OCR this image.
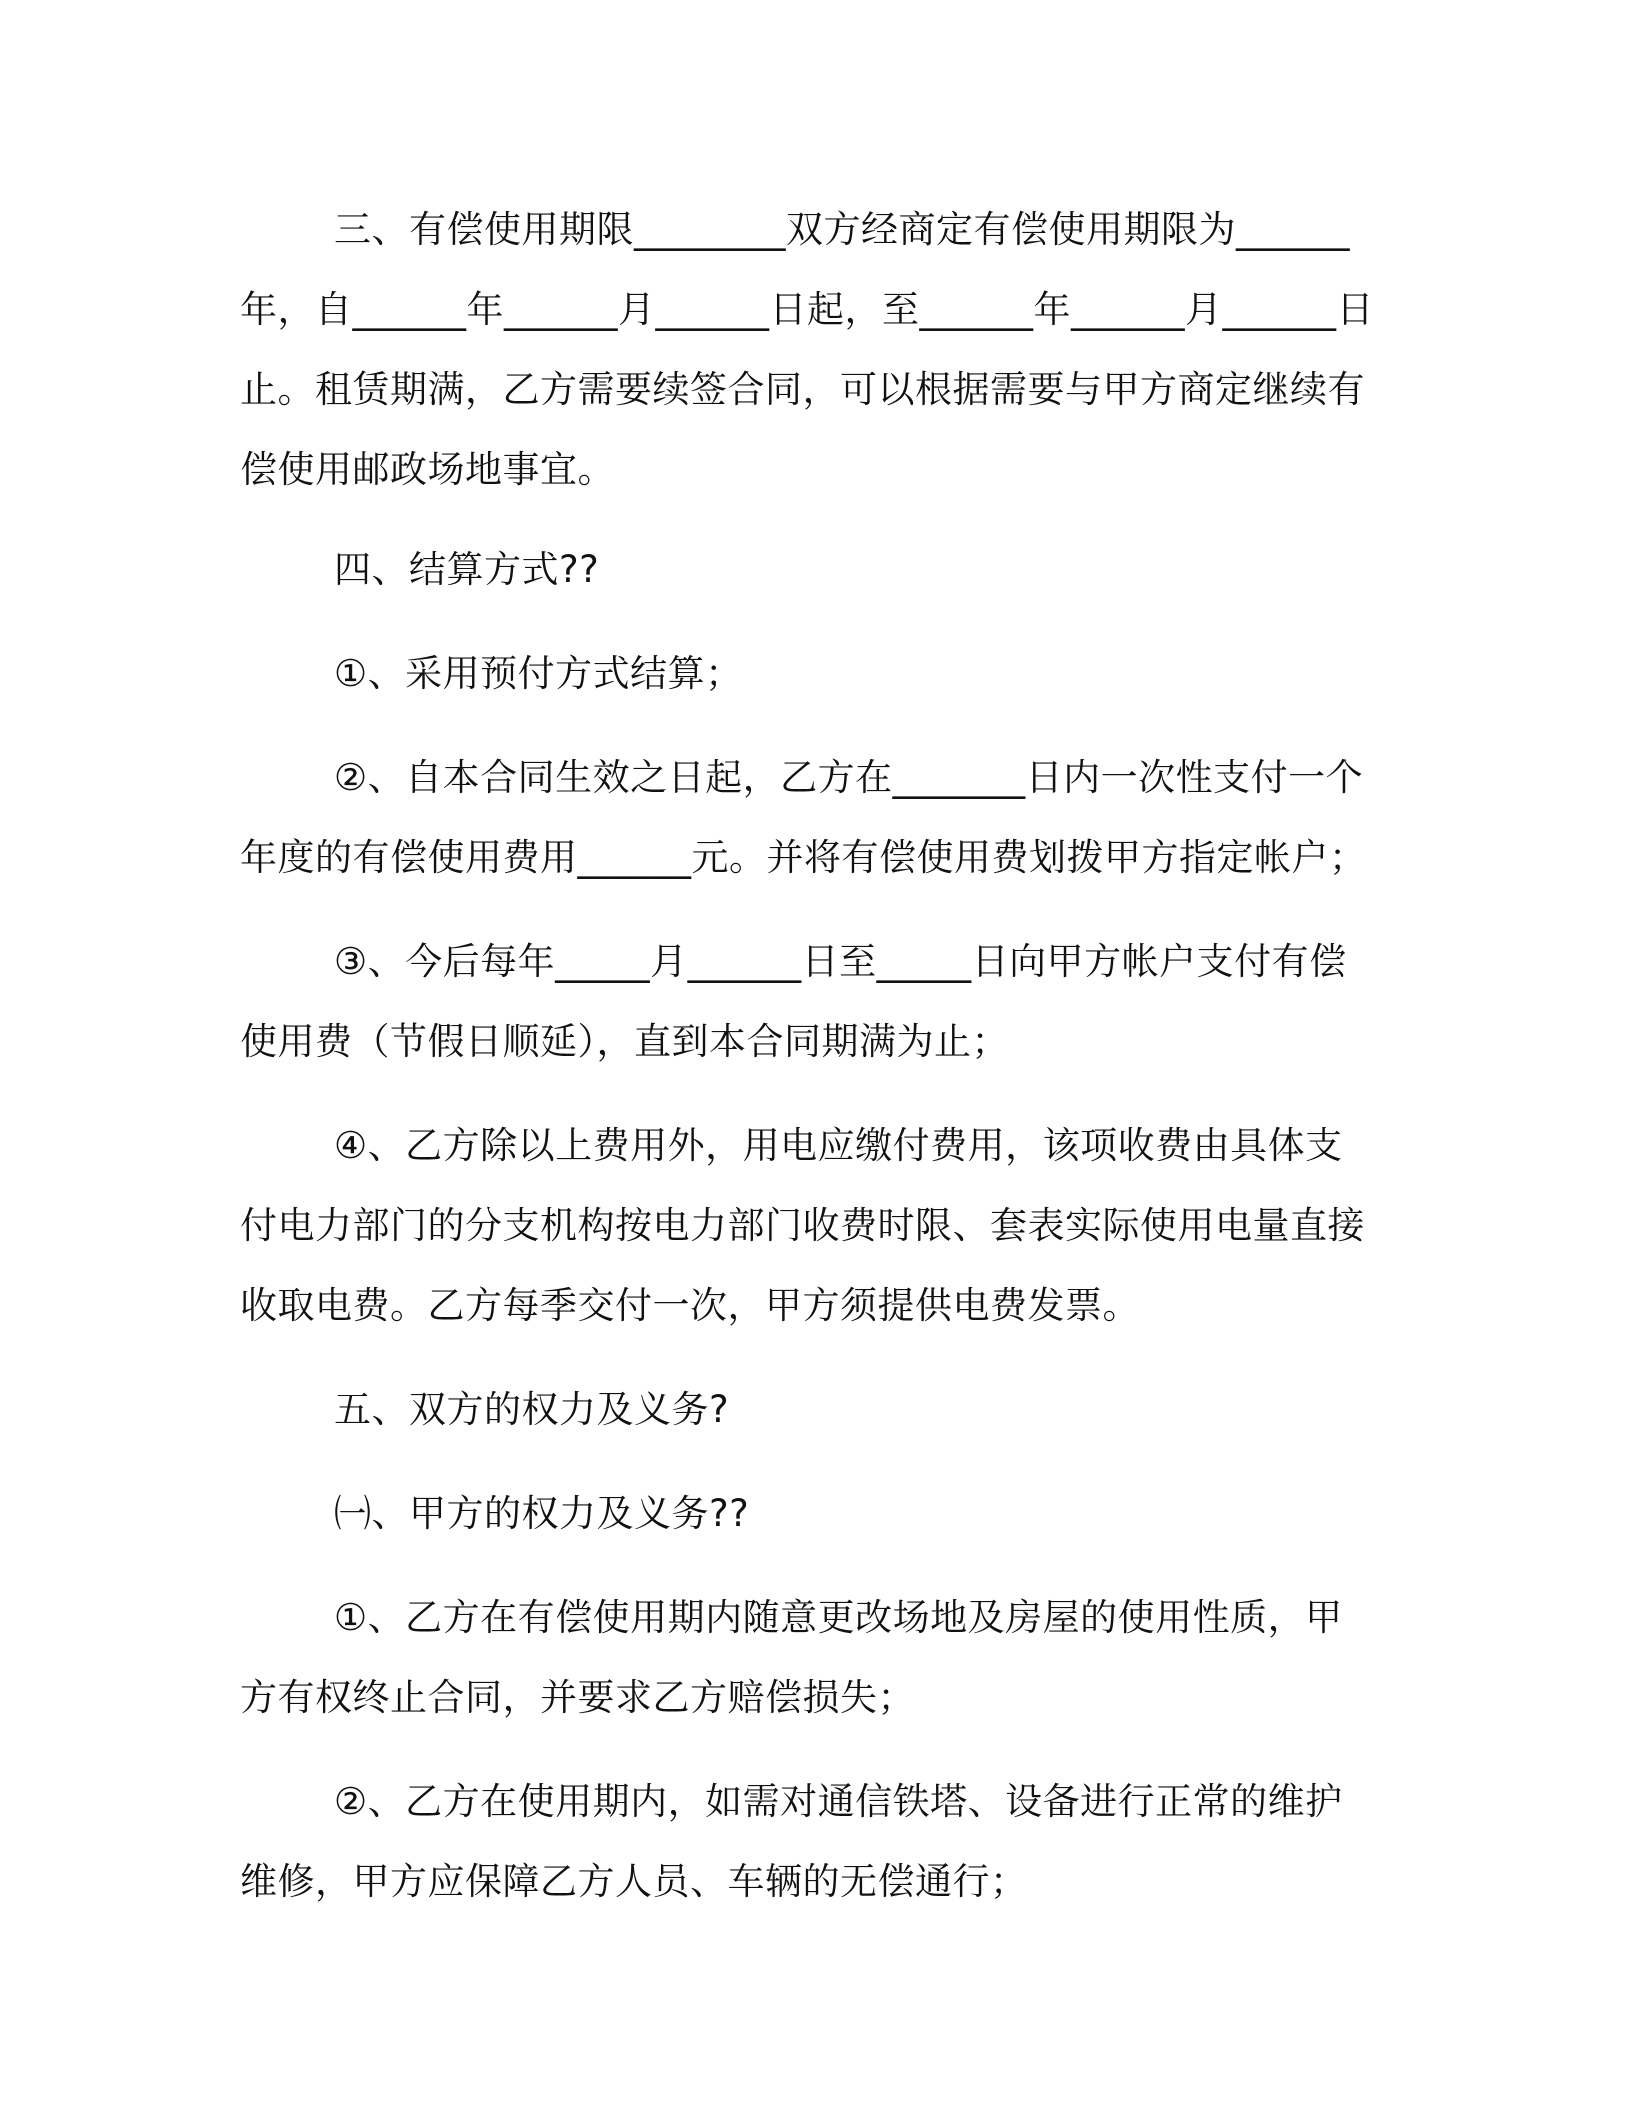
三、有偿使用期限________双方经商定有偿使用期限为______年，自______年______月______日起，至______年______月______日止。租赁期满，乙方需要续签合同，可以根据需要与甲方商定继续有偿使用邮政场地事宜。

四、结算方式??

①、采用预付方式结算；

②、自本合同生效之日起，乙方在_______日内一次性支付一个年度的有偿使用费用______元。并将有偿使用费划拨甲方指定帐户；

③、今后每年_____月______日至_____日向甲方帐户支付有偿使用费（节假日顺延），直到本合同期满为止；

④、乙方除以上费用外，用电应缴付费用，该项收费由具体支付电力部门的分支机构按电力部门收费时限、套表实际使用电量直接收取电费。乙方每季交付一次，甲方须提供电费发票。

五、双方的权力及义务?

㈠、甲方的权力及义务??

①、乙方在有偿使用期内随意更改场地及房屋的使用性质，甲方有权终止合同，并要求乙方赔偿损失；

②、乙方在使用期内，如需对通信铁塔、设备进行正常的维护维修，甲方应保障乙方人员、车辆的无偿通行；
